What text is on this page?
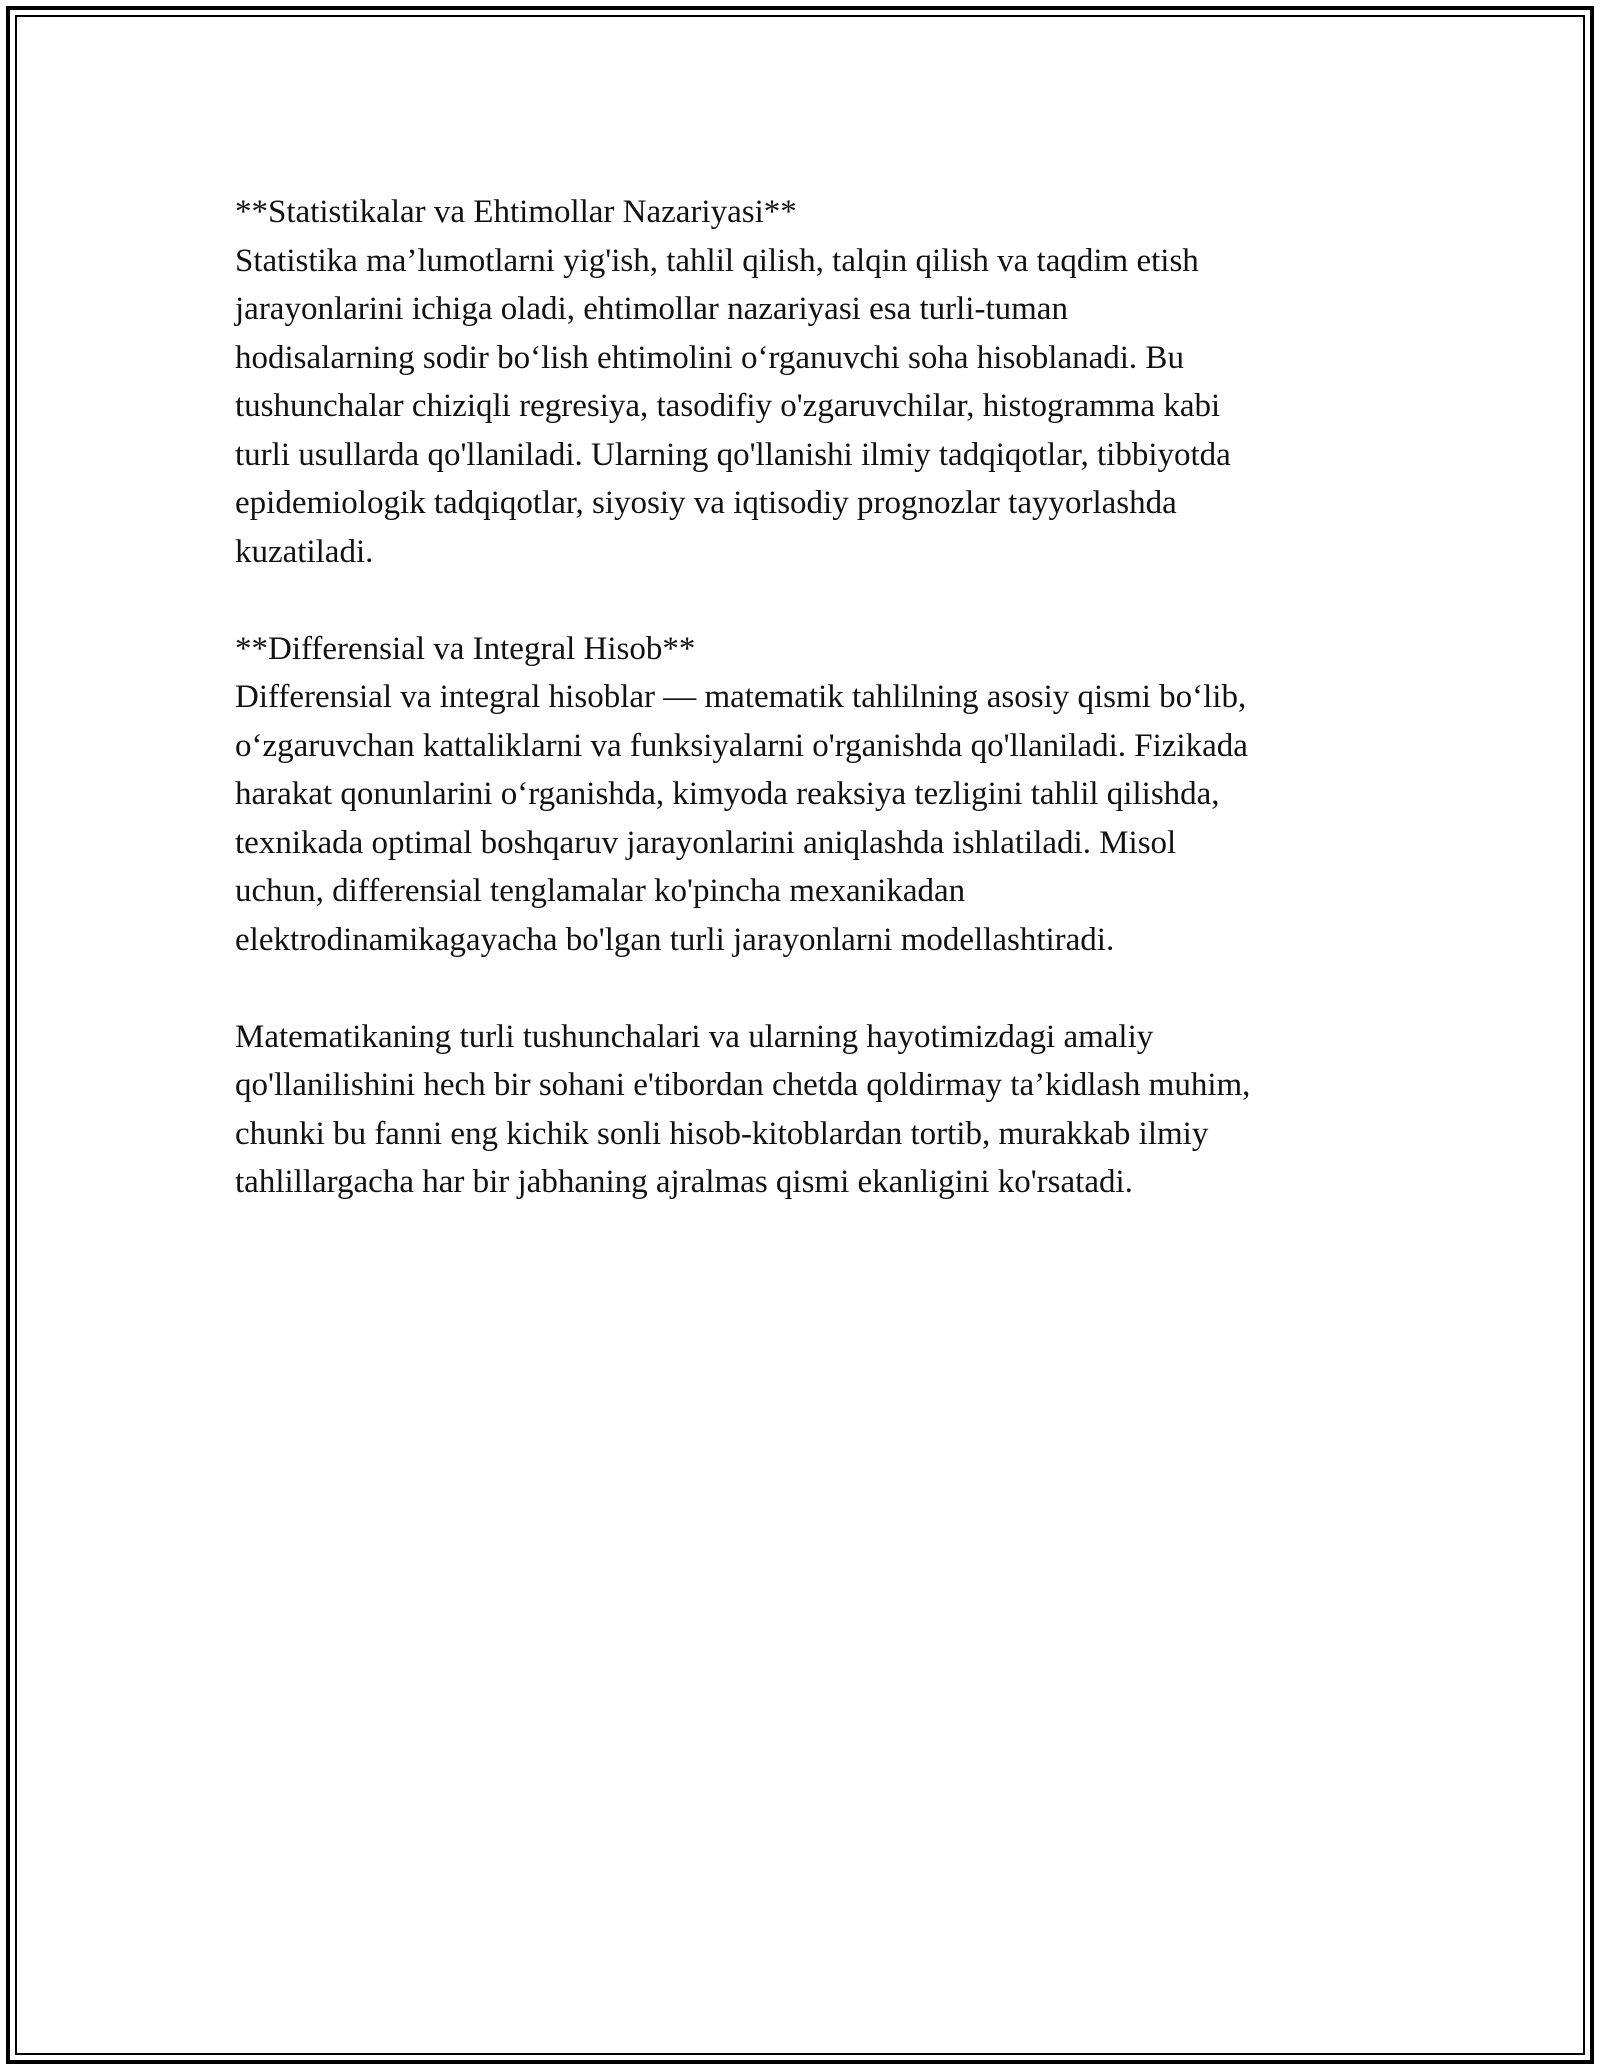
**Statistikalar va Ehtimollar Nazariyasi**

Statistika ma’lumotlarni yig'ish, tahlil qilish, talqin qilish va taqdim etish
jarayonlarini ichiga oladi, ehtimollar nazariyasi esa turli-tuman
hodisalarning sodir bo‘lish ehtimolini o‘rganuvchi soha hisoblanadi. Bu
tushunchalar chiziqli regresiya, tasodifiy o'zgaruvchilar, histogramma kabi
turli usullarda qo'llaniladi. Ularning qo'llanishi ilmiy tadqiqotlar, tibbiyotda
epidemiologik tadqiqotlar, siyosiy va iqtisodiy prognozlar tayyorlashda
kuzatiladi.

**Differensial va Integral Hisob**

Differensial va integral hisoblar — matematik tahlilning asosiy qismi bo‘lib,
o‘zgaruvchan kattaliklarni va funksiyalarni o'rganishda qo'llaniladi. Fizikada
harakat qonunlarini o‘rganishda, kimyoda reaksiya tezligini tahlil qilishda,
texnikada optimal boshqaruv jarayonlarini aniqlashda ishlatiladi. Misol
uchun, differensial tenglamalar ko'pincha mexanikadan
elektrodinamikagayacha bo'lgan turli jarayonlarni modellashtiradi.

Matematikaning turli tushunchalari va ularning hayotimizdagi amaliy
qo'llanilishini hech bir sohani e'tibordan chetda qoldirmay ta’kidlash muhim,
chunki bu fanni eng kichik sonli hisob-kitoblardan tortib, murakkab ilmiy
tahlillargacha har bir jabhaning ajralmas qismi ekanligini ko'rsatadi.
